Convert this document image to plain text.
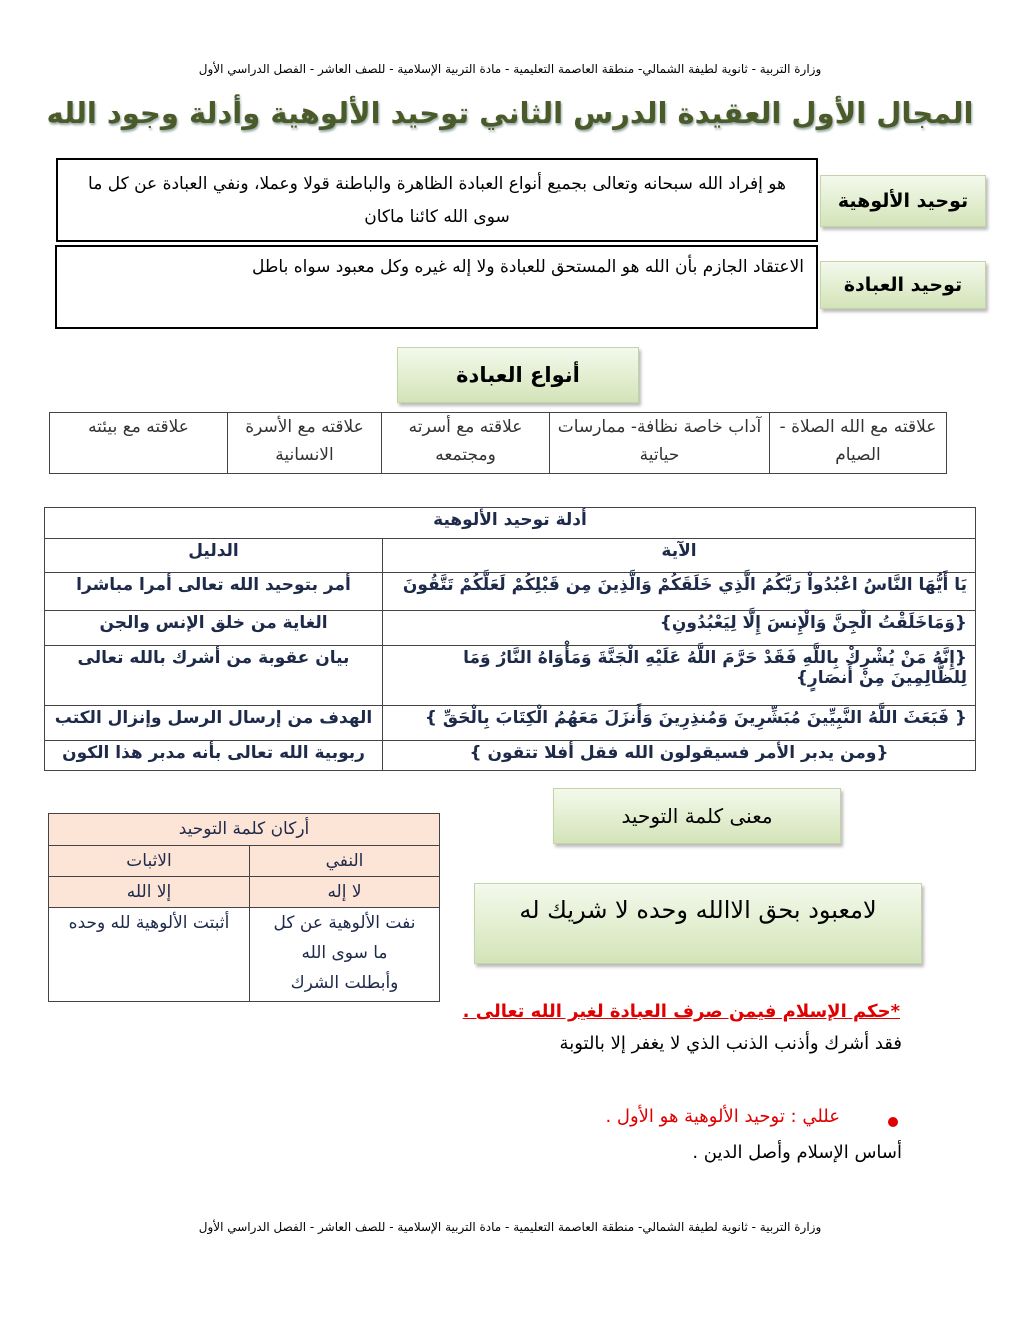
وزارة التربية - ثانوية لطيفة الشمالي- منطقة العاصمة التعليمية - مادة التربية الإسلامية - للصف العاشر - الفصل الدراسي الأول
المجال الأول العقيدة الدرس الثاني توحيد الألوهية وأدلة وجود الله
هو إفراد الله سبحانه وتعالى بجميع أنواع العبادة الظاهرة والباطنة قولا وعملا، ونفي العبادة عن كل ما سوى الله كائنا ماكان
توحيد الألوهية
الاعتقاد الجازم بأن الله هو المستحق للعبادة ولا إله غيره وكل معبود سواه باطل
توحيد العبادة
أنواع العبادة
علاقته مع الله الصلاة - الصيام	آداب خاصة نظافة- ممارسات حياتية	علاقته مع أسرته ومجتمعه	علاقته مع الأسرة الانسانية	علاقته مع بيئته
أدلة توحيد الألوهية	
الآية	الدليل
يَا أَيُّهَا النَّاسُ اعْبُدُواْ رَبَّكُمُ الَّذِي خَلَقَكُمْ وَالَّذِينَ مِن قَبْلِكُمْ لَعَلَّكُمْ تَتَّقُونَ	أمر بتوحيد الله تعالى أمرا مباشرا
{وَمَاخَلَقْتُ الْجِنَّ وَالْإِنسَ إِلَّا لِيَعْبُدُونِ}	الغاية من خلق الإنس والجن
{إِنَّهُ مَنْ يُشْرِكْ بِاللَّهِ فَقَدْ حَرَّمَ اللَّهُ عَلَيْهِ الْجَنَّةَ وَمَأْوَاهُ النَّارُ وَمَا لِلظَّالِمِينَ مِنْ أَنصَارٍ}	بيان عقوبة من أشرك بالله تعالى
{ فَبَعَثَ اللَّهُ النَّبِيِّينَ مُبَشِّرِينَ وَمُنذِرِينَ وَأَنزَلَ مَعَهُمُ الْكِتَابَ بِالْحَقِّ }	الهدف من إرسال الرسل وإنزال الكتب
{ومن يدبر الأمر فسيقولون الله فقل أفلا تتقون }	ربوبية الله تعالى بأنه مدبر هذا الكون
معنى كلمة التوحيد
لامعبود بحق الاالله وحده لا شريك له
أركان كلمة التوحيد	
النفي	الاثبات
لا إله	إلا الله
نفت الألوهية عن كل ما سوى الله وأبطلت الشرك	أثبتت الألوهية لله وحده
*حكم الإسلام فيمن صرف العبادة لغير الله تعالى .
فقد أشرك وأذنب الذنب الذي لا يغفر إلا بالتوبة
عللي : توحيد الألوهية هو الأول .
أساس الإسلام وأصل الدين .
وزارة التربية - ثانوية لطيفة الشمالي- منطقة العاصمة التعليمية - مادة التربية الإسلامية - للصف العاشر - الفصل الدراسي الأول
